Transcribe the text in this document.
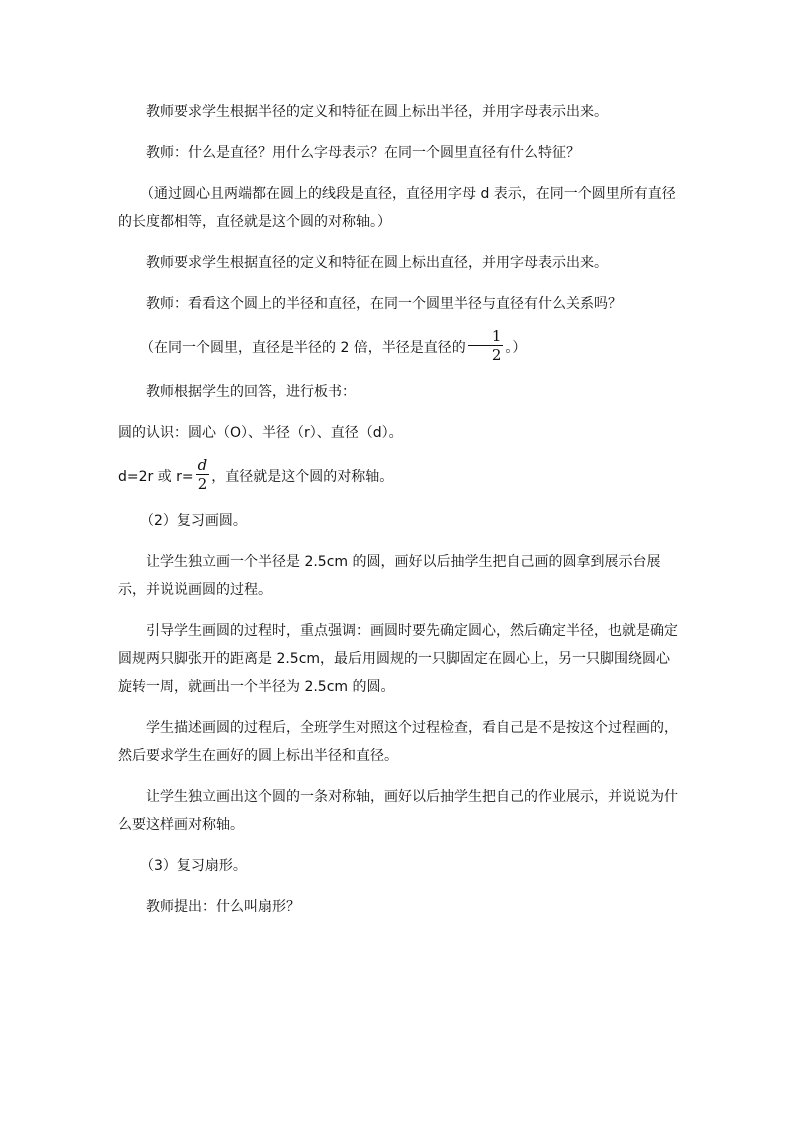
教师要求学生根据半径的定义和特征在圆上标出半径，并用字母表示出来。

教师：什么是直径？用什么字母表示？在同一个圆里直径有什么特征？

（通过圆心且两端都在圆上的线段是直径，直径用字母 d 表示，在同一个圆里所有直径的长度都相等，直径就是这个圆的对称轴。）

教师要求学生根据直径的定义和特征在圆上标出直径，并用字母表示出来。

教师：看看这个圆上的半径和直径，在同一个圆里半径与直径有什么关系吗？

（在同一个圆里，直径是半径的 2 倍，半径是直径的 $\frac{1}{2}$ 。）

教师根据学生的回答，进行板书：

圆的认识：圆心（O）、半径（r）、直径（d）。

d=2r 或 $r= \frac{d}{2}$ ，直径就是这个圆的对称轴。

（2）复习画圆。

让学生独立画一个半径是 2.5cm 的圆，画好以后抽学生把自己画的圆拿到展示台展示，并说说画圆的过程。

引导学生画圆的过程时，重点强调：画圆时要先确定圆心，然后确定半径，也就是确定圆规两只脚张开的距离是 2.5cm，最后用圆规的一只脚固定在圆心上，另一只脚围绕圆心旋转一周，就画出一个半径为 2.5cm 的圆。

学生描述画圆的过程后，全班学生对照这个过程检查，看自己是不是按这个过程画的，然后要求学生在画好的圆上标出半径和直径。

让学生独立画出这个圆的一条对称轴，画好以后抽学生把自己的作业展示，并说说为什么要这样画对称轴。

（3）复习扇形。

教师提出：什么叫扇形？
